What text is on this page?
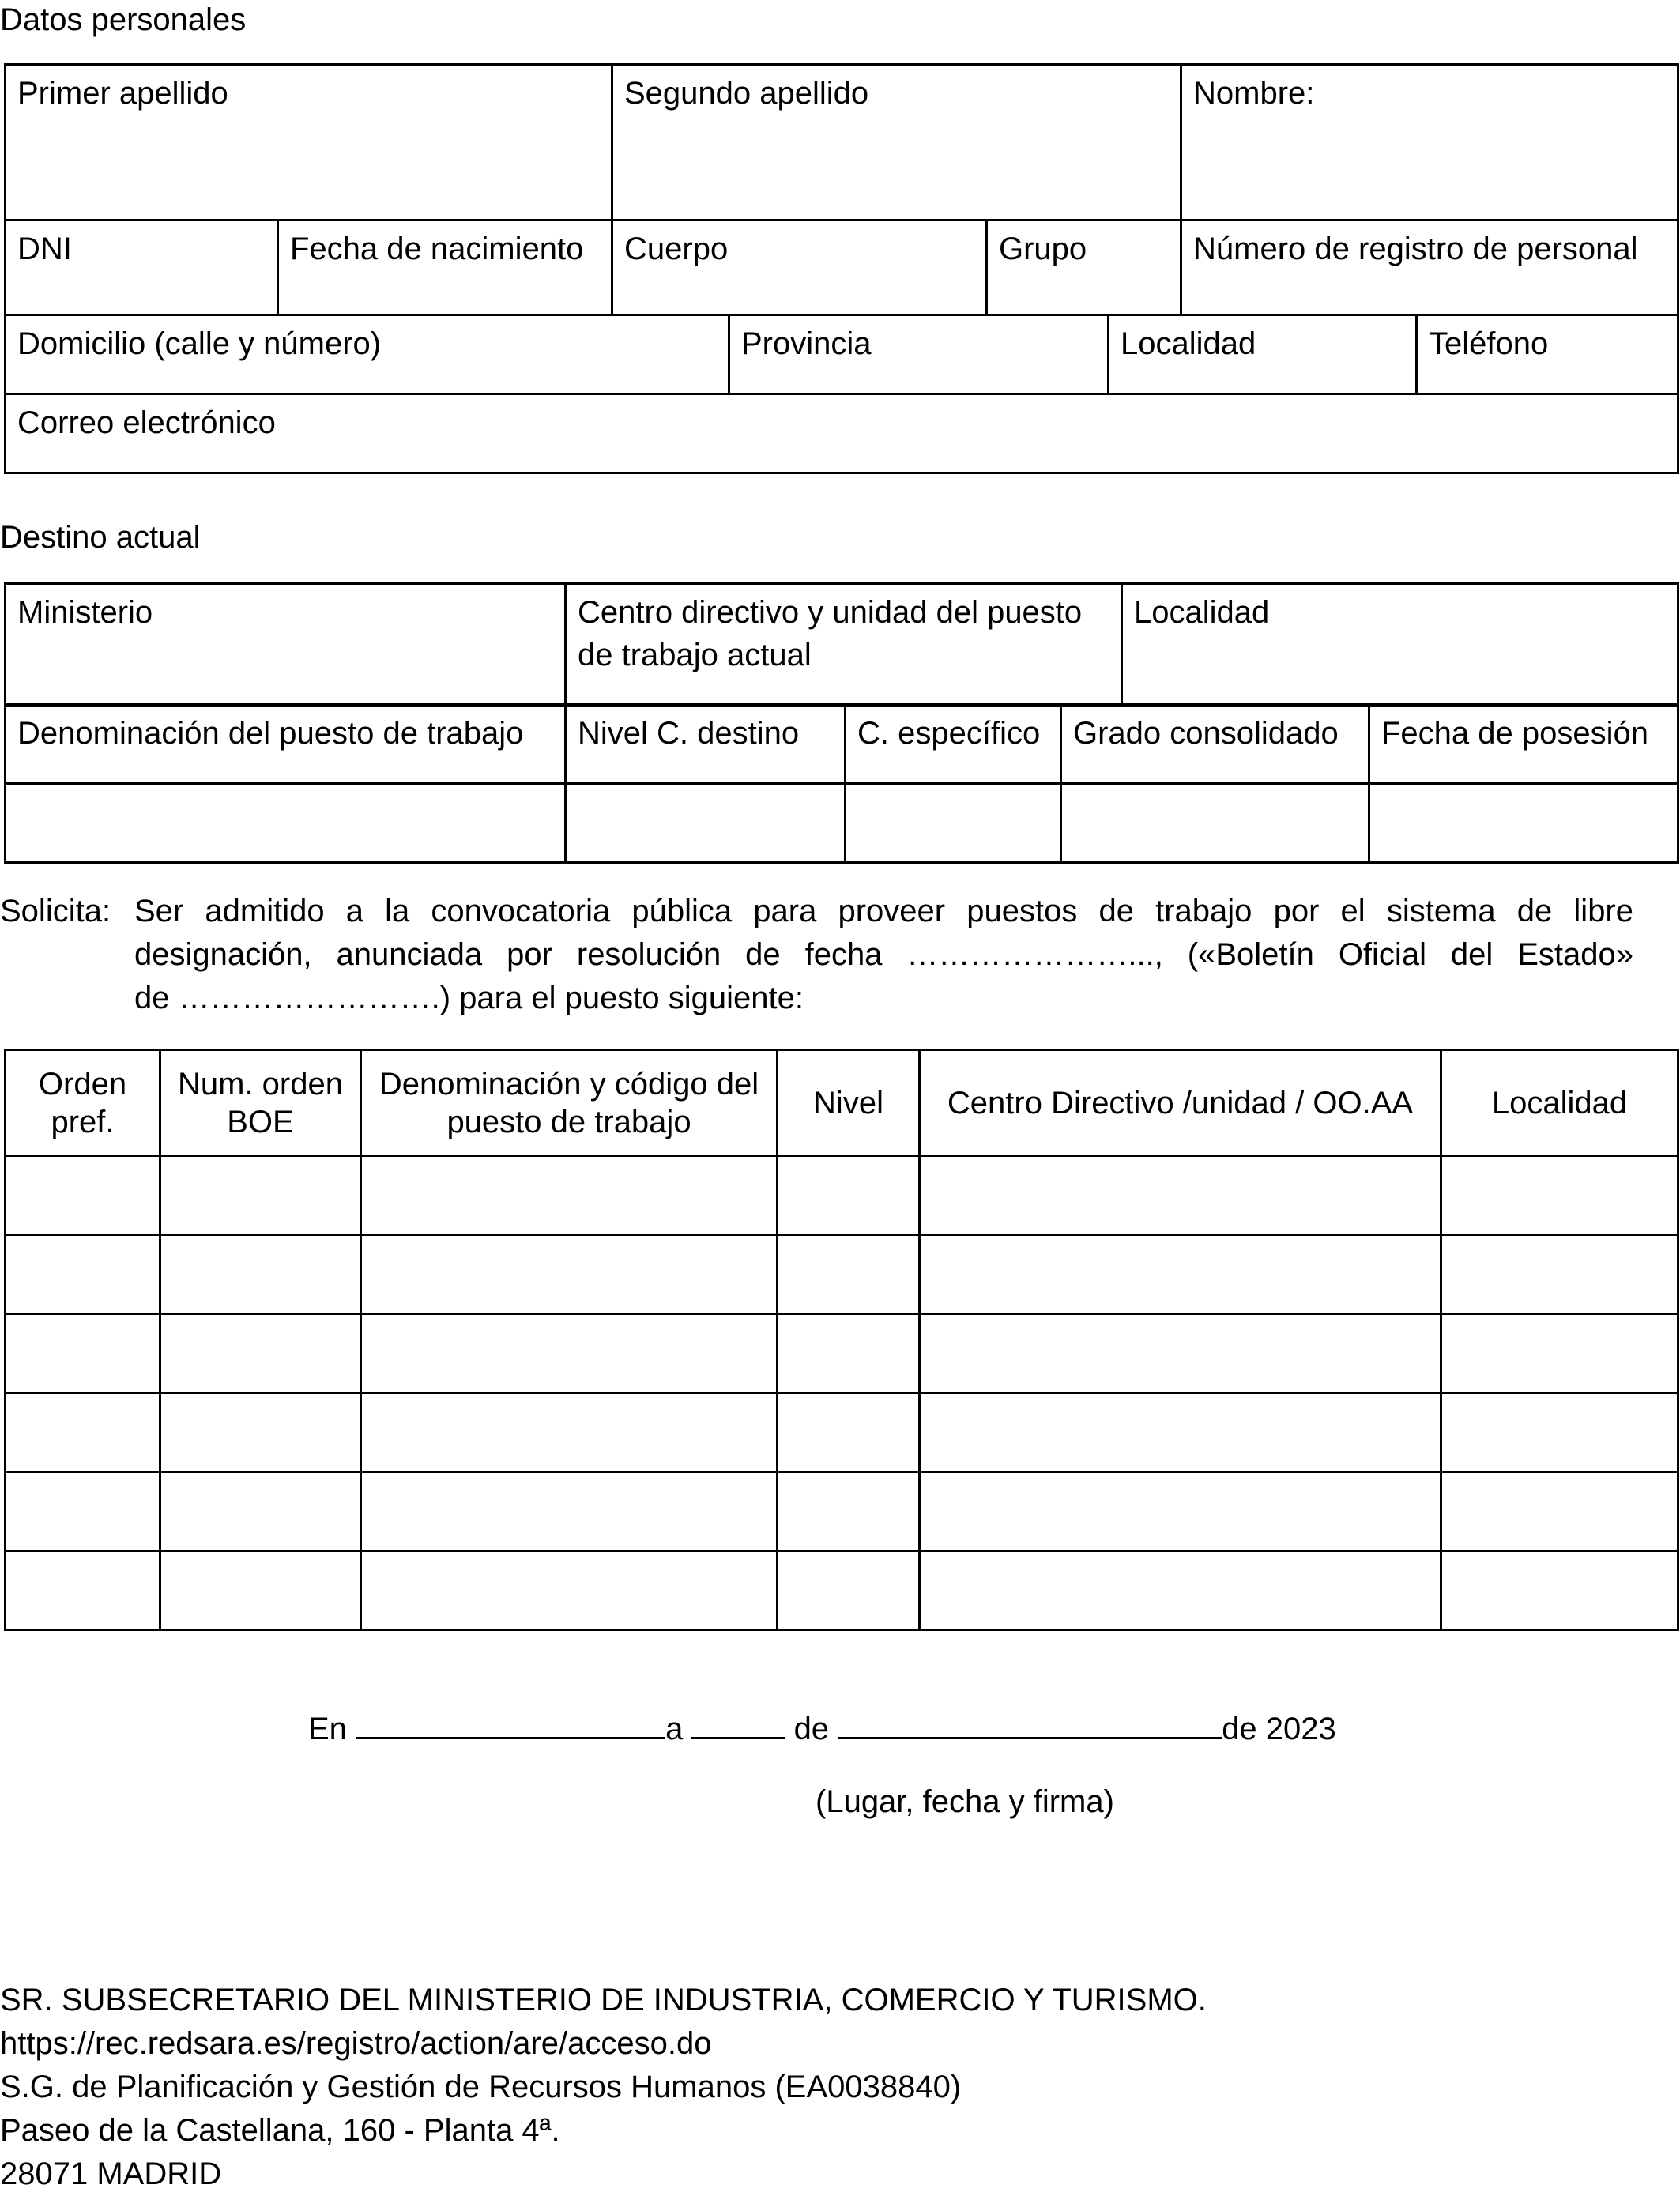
Datos personales
Primer apellido		Segundo apellido		Nombre:
DNI	Fecha de nacimiento	Cuerpo	Grupo	Número de registro de personal
Domicilio (calle y número)	Provincia	Localidad	Teléfono
Correo electrónico
Destino actual
Ministerio	Centro directivo y unidad del puesto de trabajo actual	Localidad
Denominación del puesto de trabajo	Nivel C. destino	C. específico	Grado consolidado	Fecha de posesión

Solicita: Ser admitido a la convocatoria pública para proveer puestos de trabajo por el sistema de libre
designación, anunciada por resolución de fecha …………………..., («Boletín Oficial del Estado»
de …………………….) para el puesto siguiente:
Orden pref.	Num. orden BOE	Denominación y código del puesto de trabajo	Nivel	Centro Directivo /unidad / OO.AA	Localidad

En	a	de	de 2023
(Lugar, fecha y firma)
SR. SUBSECRETARIO DEL MINISTERIO DE INDUSTRIA, COMERCIO Y TURISMO.
https://rec.redsara.es/registro/action/are/acceso.do
S.G. de Planificación y Gestión de Recursos Humanos (EA0038840)
Paseo de la Castellana, 160 - Planta 4ª.
28071 MADRID
